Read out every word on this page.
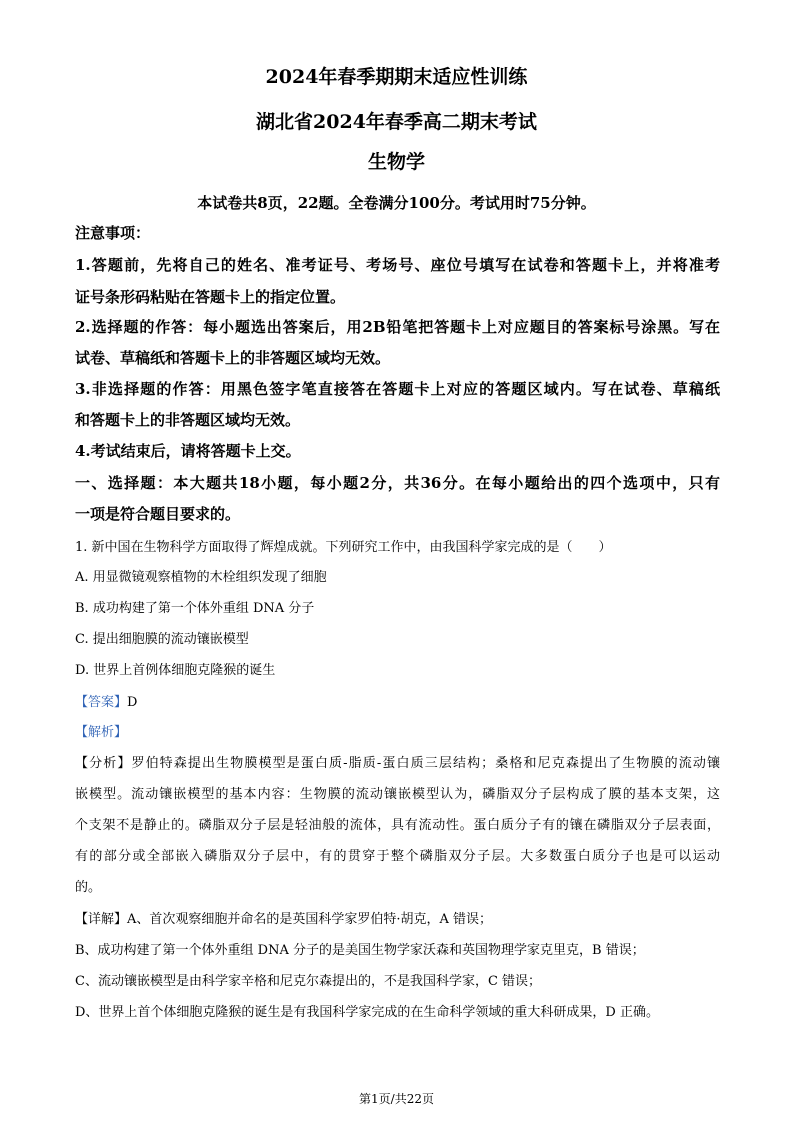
2024年春季期期末适应性训练
湖北省2024年春季高二期末考试
生物学
本试卷共8页，22题。全卷满分100分。考试用时75分钟。
注意事项：
1.答题前，先将自己的姓名、准考证号、考场号、座位号填写在试卷和答题卡上，并将准考
证号条形码粘贴在答题卡上的指定位置。
2.选择题的作答：每小题选出答案后，用2B铅笔把答题卡上对应题目的答案标号涂黑。写在
试卷、草稿纸和答题卡上的非答题区域均无效。
3.非选择题的作答：用黑色签字笔直接答在答题卡上对应的答题区域内。写在试卷、草稿纸
和答题卡上的非答题区域均无效。
4.考试结束后，请将答题卡上交。
一、选择题：本大题共18小题，每小题2分，共36分。在每小题给出的四个选项中，只有
一项是符合题目要求的。
1. 新中国在生物科学方面取得了辉煌成就。下列研究工作中，由我国科学家完成的是（　　）
A. 用显微镜观察植物的木栓组织发现了细胞
B. 成功构建了第一个体外重组 DNA 分子
C. 提出细胞膜的流动镶嵌模型
D. 世界上首例体细胞克隆猴的诞生
【答案】D
【解析】
【分析】罗伯特森提出生物膜模型是蛋白质-脂质-蛋白质三层结构；桑格和尼克森提出了生物膜的流动镶
嵌模型。流动镶嵌模型的基本内容：生物膜的流动镶嵌模型认为，磷脂双分子层构成了膜的基本支架，这
个支架不是静止的。磷脂双分子层是轻油般的流体，具有流动性。蛋白质分子有的镶在磷脂双分子层表面，
有的部分或全部嵌入磷脂双分子层中，有的贯穿于整个磷脂双分子层。大多数蛋白质分子也是可以运动
的。
【详解】A、首次观察细胞并命名的是英国科学家罗伯特·胡克，A 错误；
B、成功构建了第一个体外重组 DNA 分子的是美国生物学家沃森和英国物理学家克里克，B 错误；
C、流动镶嵌模型是由科学家辛格和尼克尔森提出的，不是我国科学家，C 错误；
D、世界上首个体细胞克隆猴的诞生是有我国科学家完成的在生命科学领域的重大科研成果，D 正确。
第1页/共22页
